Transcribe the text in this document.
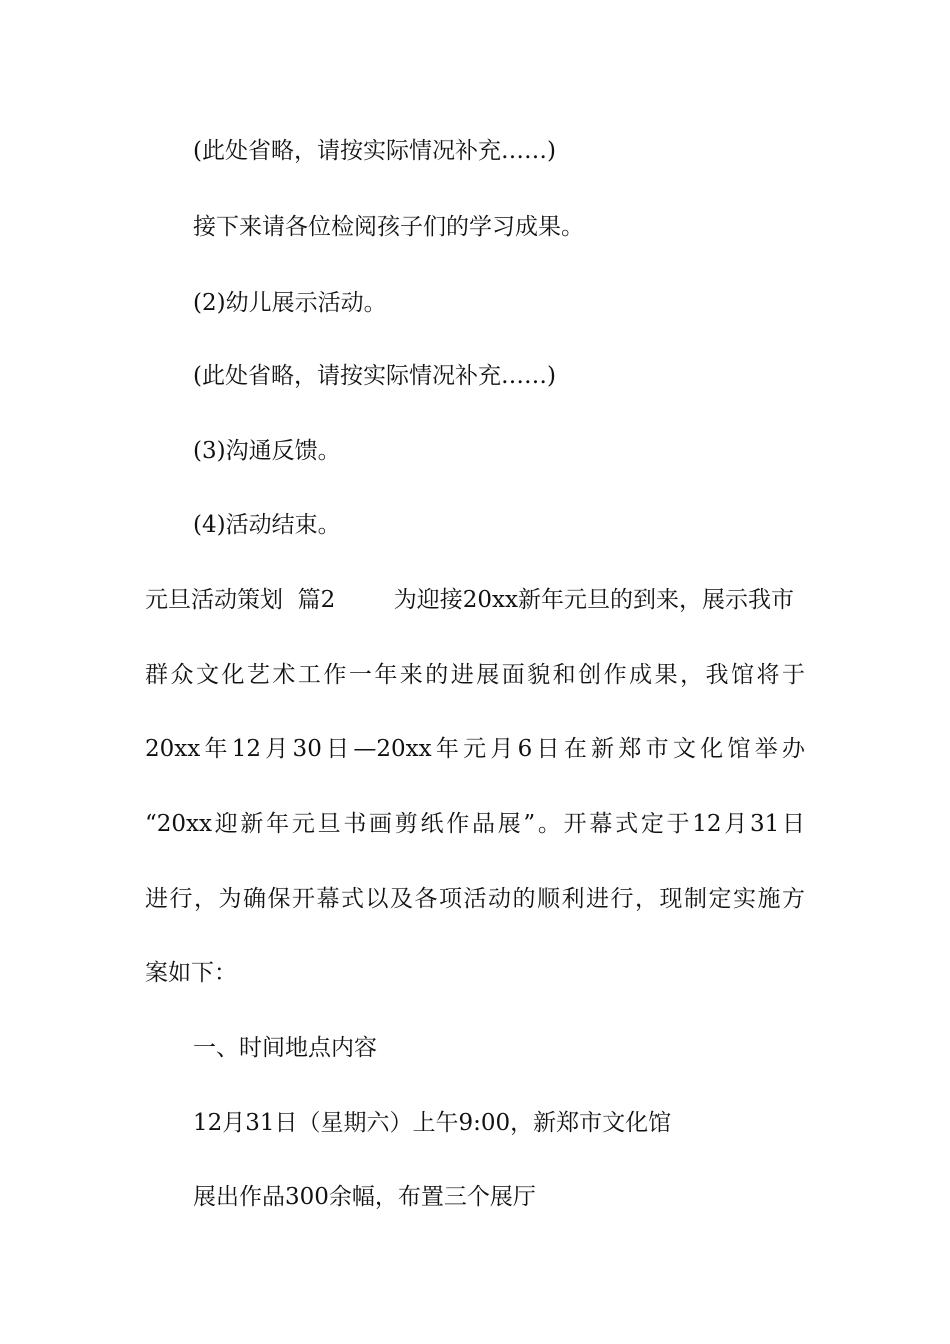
(此处省略，请按实际情况补充……)
接下来请各位检阅孩子们的学习成果。
(2)幼儿展示活动。
(此处省略，请按实际情况补充……)
(3)沟通反馈。
(4)活动结束。
元旦活动策划  篇2        为迎接20xx新年元旦的到来，展示我市
群众文化艺术工作一年来的进展面貌和创作成果，我馆将于
20xx年12月30日—20xx年元月6日在新郑市文化馆举办
“20xx迎新年元旦书画剪纸作品展”。开幕式定于12月31日
进行，为确保开幕式以及各项活动的顺利进行，现制定实施方
案如下：
一、时间地点内容
12月31日（星期六）上午9:00，新郑市文化馆
展出作品300余幅，布置三个展厅
